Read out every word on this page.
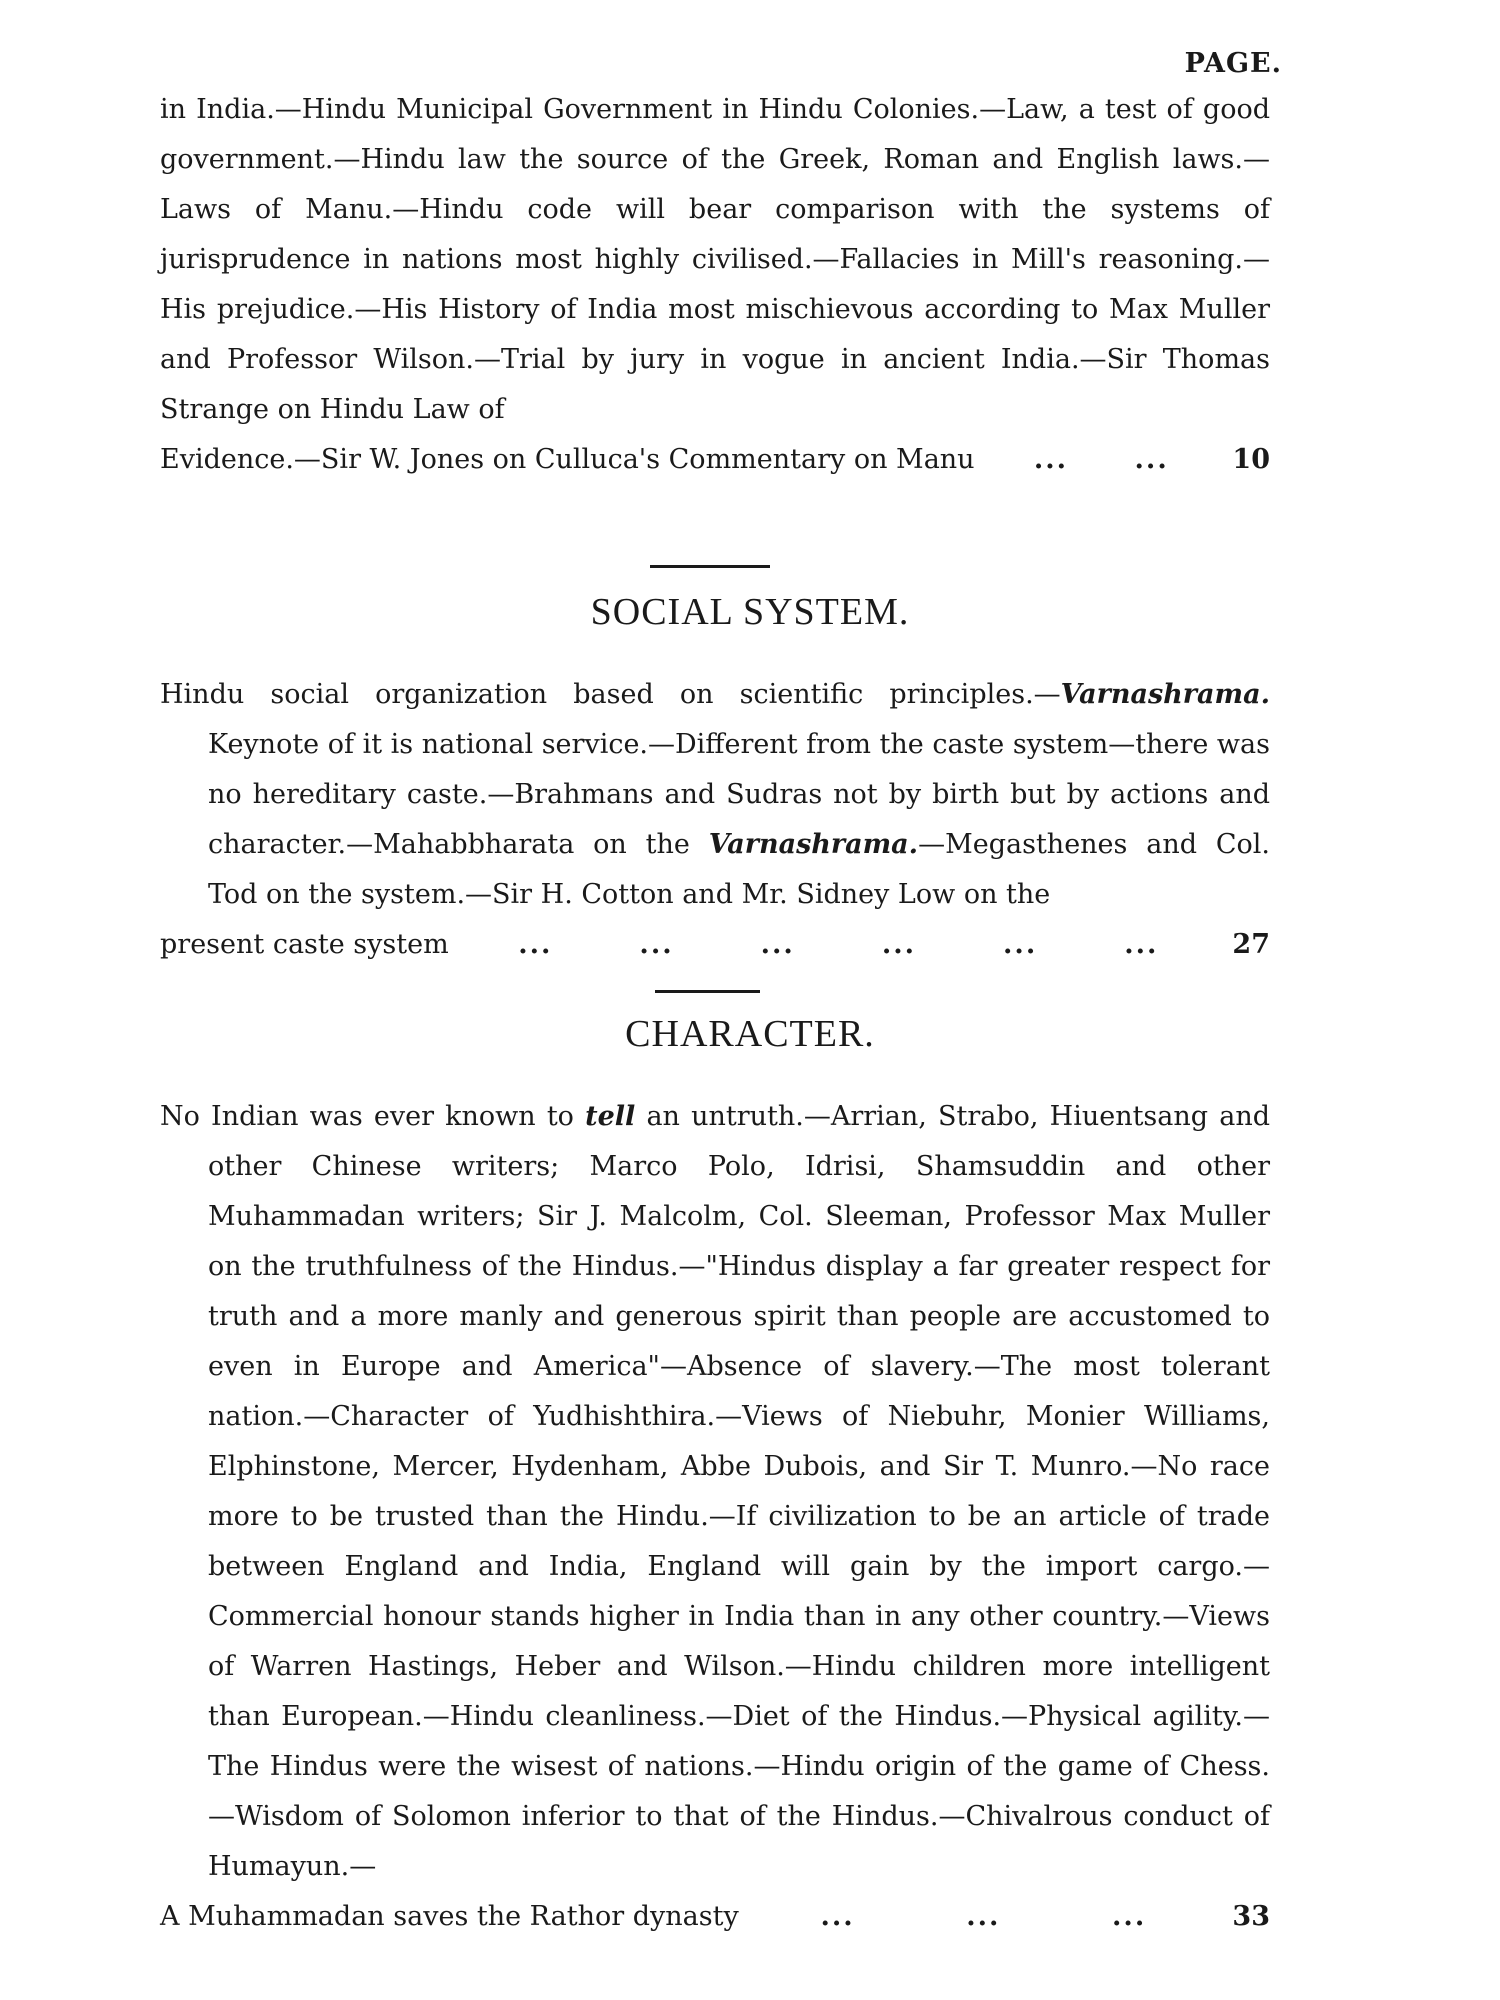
PAGE.

in India.—Hindu Municipal Government in Hindu Colonies.—Law, a test of good government.—Hindu law the source of the Greek, Roman and English laws.—Laws of Manu.—Hindu code will bear comparison with the systems of jurisprudence in nations most highly civilised.—Fallacies in Mill's reasoning.—His prejudice.—His History of India most mischievous according to Max Muller and Professor Wilson.—Trial by jury in vogue in ancient India.—Sir Thomas Strange on Hindu Law of

Evidence.—Sir W. Jones on Culluca's Commentary on Manu ... ...	10
SOCIAL SYSTEM.

Hindu social organization based on scientific principles.—Varnashrama. Keynote of it is national service.—Different from the caste system—there was no hereditary caste.—Brahmans and Sudras not by birth but by actions and character.—Mahabbharata on the Varnashrama.—Megasthenes and Col. Tod on the system.—Sir H. Cotton and Mr. Sidney Low on the

present caste system	...	...	...	...	...	...	27
CHARACTER.

No Indian was ever known to tell an untruth.—Arrian, Strabo, Hiuentsang and other Chinese writers; Marco Polo, Idrisi, Shamsuddin and other Muhammadan writers; Sir J. Malcolm, Col. Sleeman, Professor Max Muller on the truthfulness of the Hindus.—"Hindus display a far greater respect for truth and a more manly and generous spirit than people are accustomed to even in Europe and America"—Absence of slavery.—The most tolerant nation.—Character of Yudhishthira.—Views of Niebuhr, Monier Williams, Elphinstone, Mercer, Hydenham, Abbe Dubois, and Sir T. Munro.—No race more to be trusted than the Hindu.—If civilization to be an article of trade between England and India, England will gain by the import cargo.—Commercial honour stands higher in India than in any other country.—Views of Warren Hastings, Heber and Wilson.—Hindu children more intelligent than European.—Hindu cleanliness.—Diet of the Hindus.—Physical agility.—The Hindus were the wisest of nations.—Hindu origin of the game of Chess.—Wisdom of Solomon inferior to that of the Hindus.—Chivalrous conduct of Humayun.—

A Muhammadan saves the Rathor dynasty	...	...	...	33
